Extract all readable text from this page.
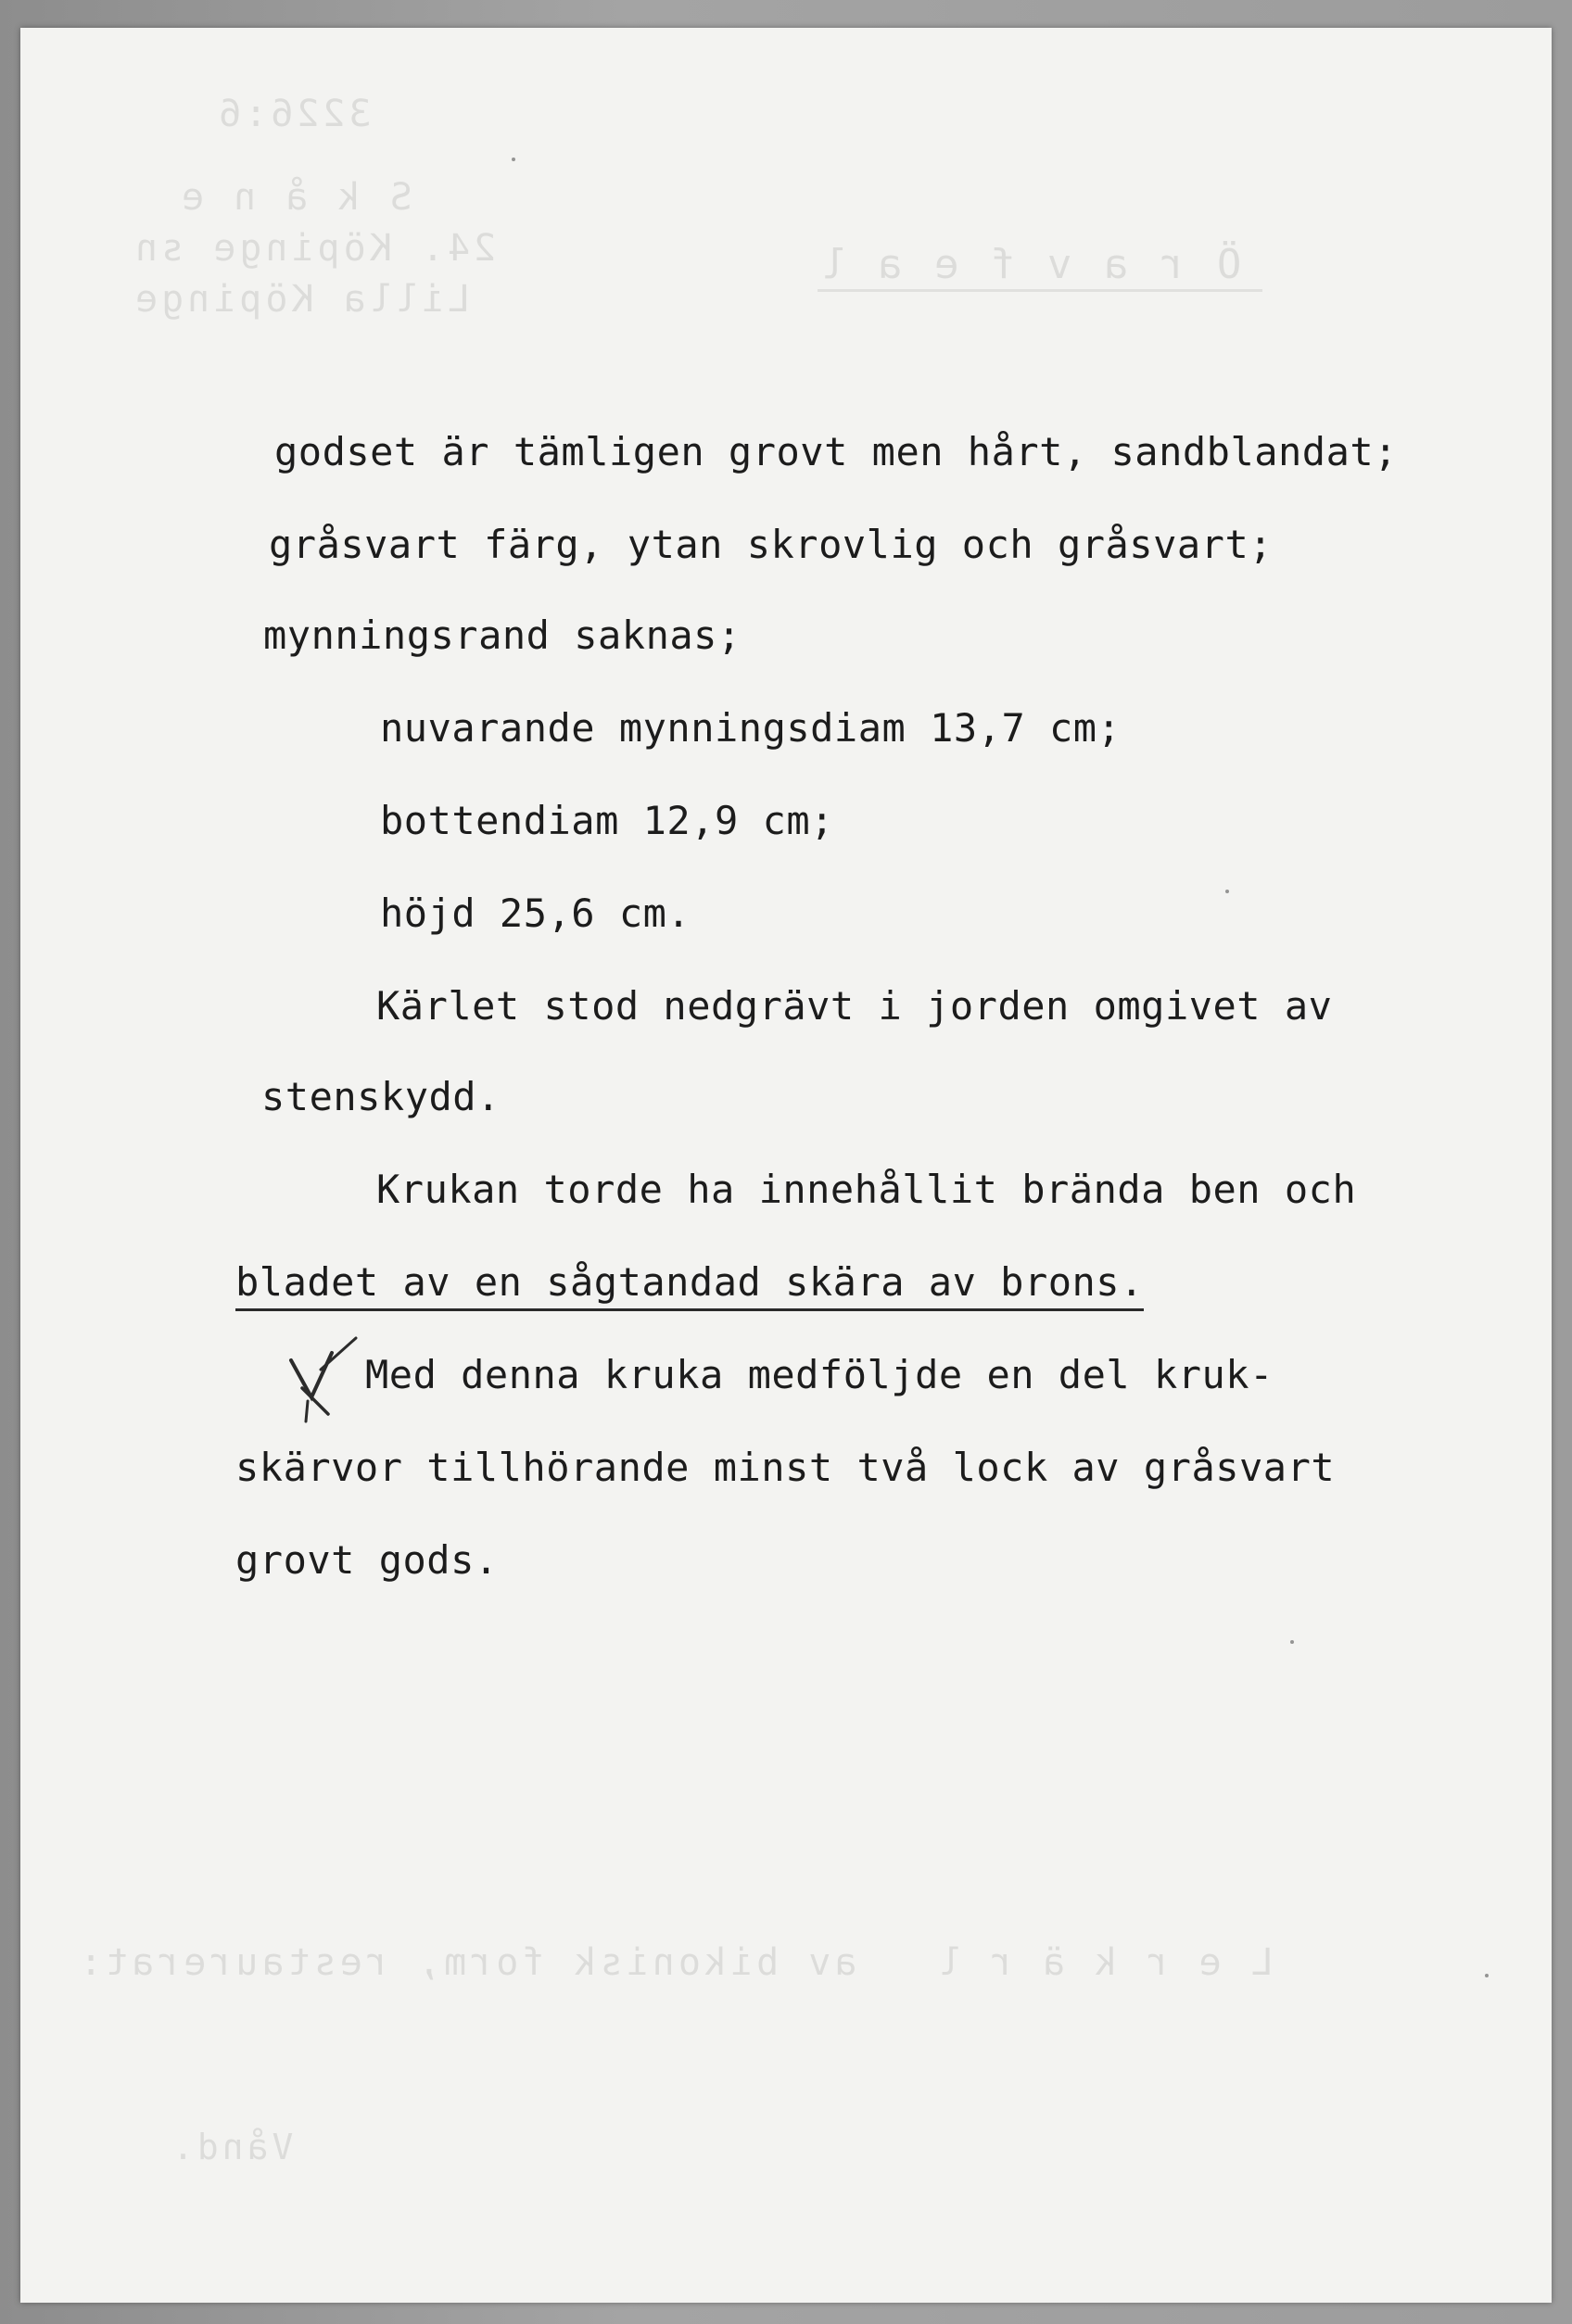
3226:6
S k å n e
24. Köpinge sn	Ö r a v f e a l
Lilla Köpinge
L e r k ä r l   av bikonisk form, restaurerat:
Vånd.
godset är tämligen grovt men hårt, sandblandat;
gråsvart färg, ytan skrovlig och gråsvart;
mynningsrand saknas;
nuvarande mynningsdiam 13,7 cm;
bottendiam 12,9 cm;
höjd 25,6 cm.
Kärlet stod nedgrävt i jorden omgivet av
stenskydd.
Krukan torde ha innehållit brända ben och
bladet av en sågtandad skära av brons.
Med denna kruka medföljde en del kruk-
skärvor tillhörande minst två lock av gråsvart
grovt gods.
